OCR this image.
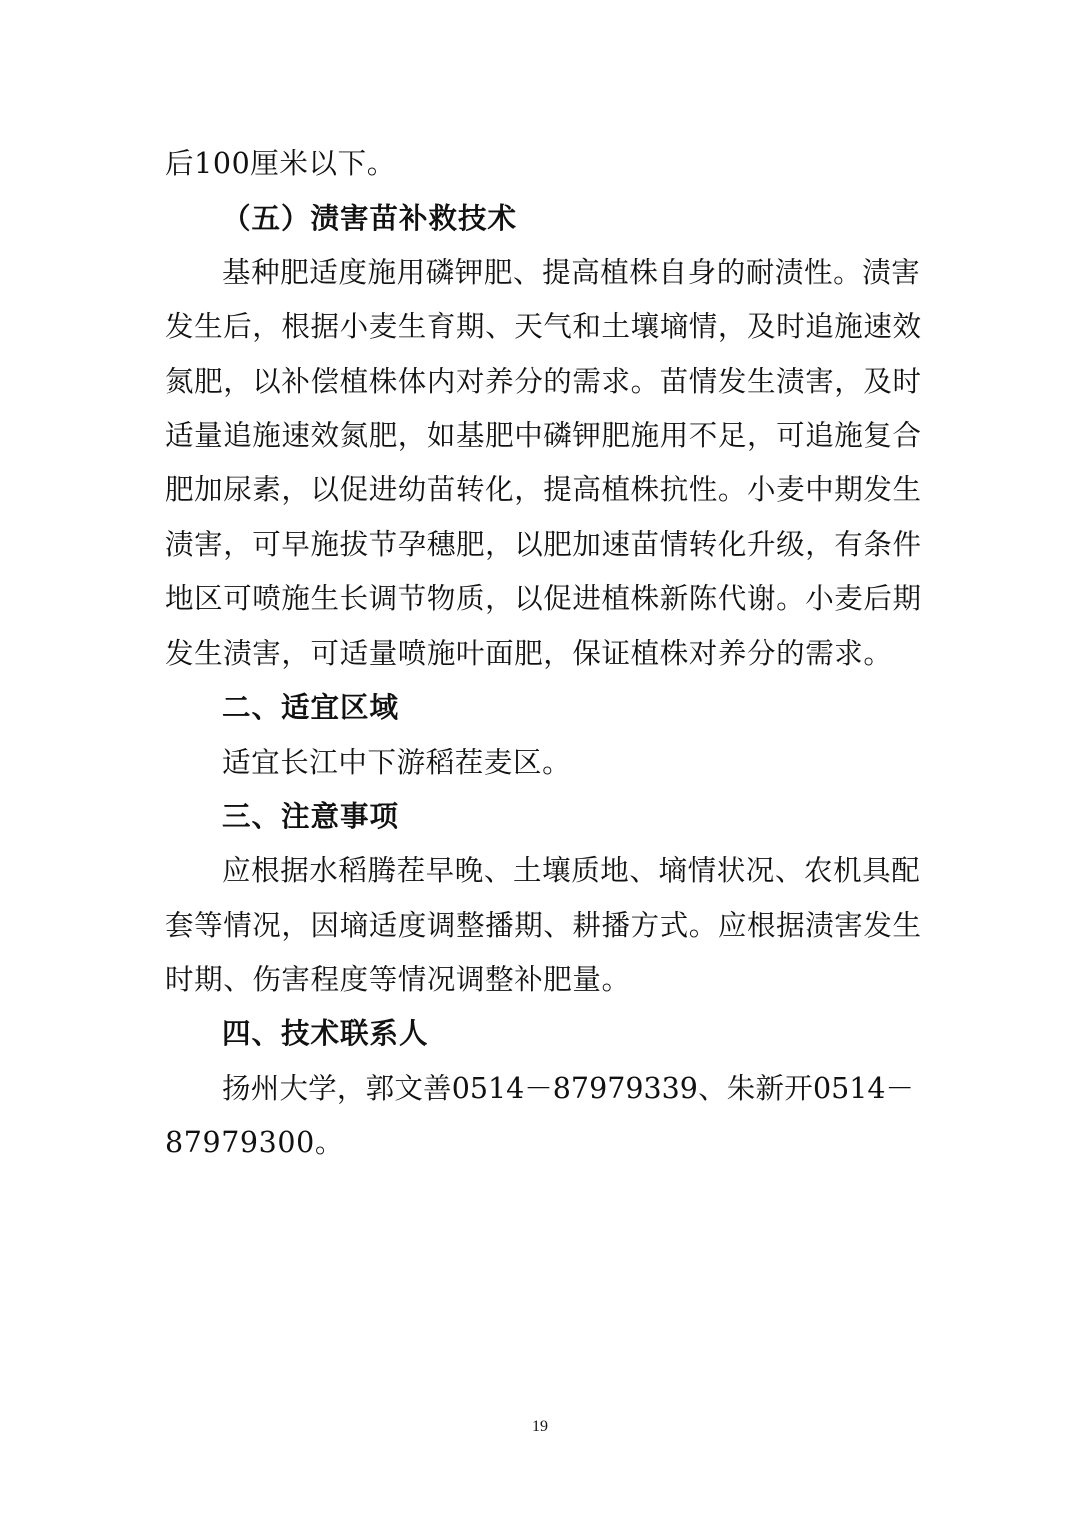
后100厘米以下。
（五）渍害苗补救技术
基种肥适度施用磷钾肥、提高植株自身的耐渍性。渍害
发生后，根据小麦生育期、天气和土壤墒情，及时追施速效
氮肥，以补偿植株体内对养分的需求。苗情发生渍害，及时
适量追施速效氮肥，如基肥中磷钾肥施用不足，可追施复合
肥加尿素，以促进幼苗转化，提高植株抗性。小麦中期发生
渍害，可早施拔节孕穗肥，以肥加速苗情转化升级，有条件
地区可喷施生长调节物质，以促进植株新陈代谢。小麦后期
发生渍害，可适量喷施叶面肥，保证植株对养分的需求。
二、适宜区域
适宜长江中下游稻茬麦区。
三、注意事项
应根据水稻腾茬早晚、土壤质地、墒情状况、农机具配
套等情况，因墒适度调整播期、耕播方式。应根据渍害发生
时期、伤害程度等情况调整补肥量。
四、技术联系人
扬州大学，郭文善0514－87979339、朱新开0514－
87979300。
19
